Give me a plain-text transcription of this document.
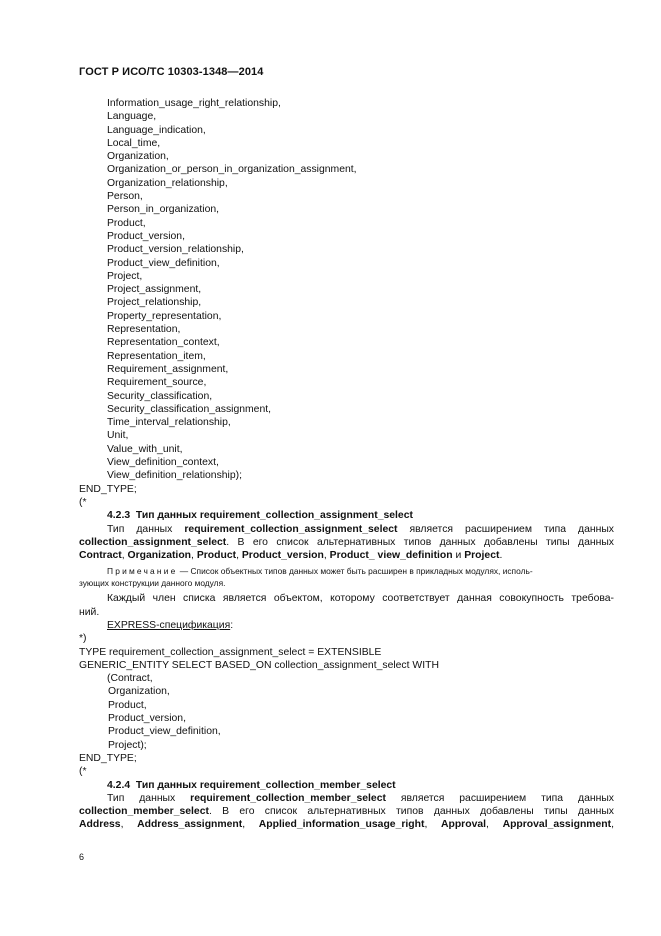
ГОСТ Р ИСО/ТС 10303-1348—2014
Information_usage_right_relationship,
Language,
Language_indication,
Local_time,
Organization,
Organization_or_person_in_organization_assignment,
Organization_relationship,
Person,
Person_in_organization,
Product,
Product_version,
Product_version_relationship,
Product_view_definition,
Project,
Project_assignment,
Project_relationship,
Property_representation,
Representation,
Representation_context,
Representation_item,
Requirement_assignment,
Requirement_source,
Security_classification,
Security_classification_assignment,
Time_interval_relationship,
Unit,
Value_with_unit,
View_definition_context,
View_definition_relationship);
END_TYPE;
(*
4.2.3  Тип данных requirement_collection_assignment_select
Тип данных requirement_collection_assignment_select является расширением типа данных
collection_assignment_select. В его список альтернативных типов данных добавлены типы данных
Contract, Organization, Product, Product_version, Product_ view_definition и Project.
Примечание — Список объектных типов данных может быть расширен в прикладных модулях, исполь-
зующих конструкции данного модуля.
Каждый член списка является объектом, которому соответствует данная совокупность требова-
ний.
EXPRESS-спецификация:
*)
TYPE requirement_collection_assignment_select = EXTENSIBLE
GENERIC_ENTITY SELECT BASED_ON collection_assignment_select WITH
(Contract,
Organization,
Product,
Product_version,
Product_view_definition,
Project);
END_TYPE;
(*
4.2.4  Тип данных requirement_collection_member_select
Тип данных requirement_collection_member_select является расширением типа данных
collection_member_select. В его список альтернативных типов данных добавлены типы данных
Address, Address_assignment, Applied_information_usage_right, Approval, Approval_assignment,
6
